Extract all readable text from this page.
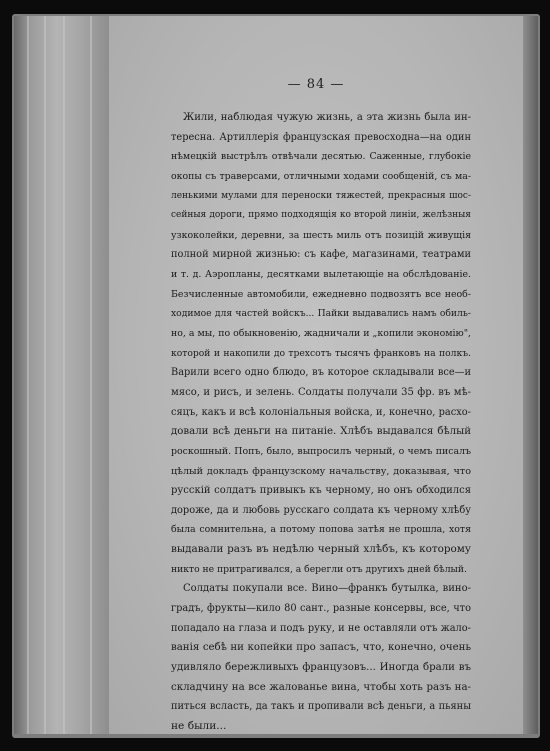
— 84 —
Жили, наблюдая чужую жизнь, а эта жизнь была ин-
тересна. Артиллерія французская превосходна—на один
нѣмецкій выстрѣлъ отвѣчали десятью. Саженные, глубокіе
окопы съ траверсами, отличными ходами сообщеній, съ ма-
ленькими мулами для переноски тяжестей, прекрасныя шос-
сейныя дороги, прямо подходящія ко второй линіи, желѣзныя
узкоколейки, деревни, за шесть миль отъ позицій живущія
полной мирной жизнью: съ кафе, магазинами, театрами
и т. д. Аэропланы, десятками вылетающіе на обслѣдованіе.
Безчисленные автомобили, ежедневно подвозятъ все необ-
ходимое для частей войскъ... Пайки выдавались намъ обиль-
но, а мы, по обыкновенію, жадничали и „копили экономію",
которой и накопили до трехсотъ тысячъ франковъ на полкъ.
Варили всего одно блюдо, въ которое складывали все—и
мясо, и рисъ, и зелень. Солдаты получали 35 фр. въ мѣ-
сяцъ, какъ и всѣ колоніальныя войска, и, конечно, расхо-
довали всѣ деньги на питаніе. Хлѣбъ выдавался бѣлый
роскошный. Попъ, было, выпросилъ черный, о чемъ писалъ
цѣлый докладъ французскому начальству, доказывая, что
русскій солдатъ привыкъ къ черному, но онъ обходился
дороже, да и любовь русскаго солдата къ черному хлѣбу
была сомнительна, а потому попова затѣя не прошла, хотя
выдавали разъ въ недѣлю черный хлѣбъ, къ которому
никто не притрагивался, а берегли отъ другихъ дней бѣлый.
Солдаты покупали все. Вино—франкъ бутылка, вино-
градъ, фрукты—кило 80 сант., разные консервы, все, что
попадало на глаза и подъ руку, и не оставляли отъ жало-
ванія себѣ ни копейки про запасъ, что, конечно, очень
удивляло бережливыхъ французовъ... Иногда брали въ
складчину на все жалованье вина, чтобы хоть разъ на-
питься всласть, да такъ и пропивали всѣ деньги, а пьяны
не были...
